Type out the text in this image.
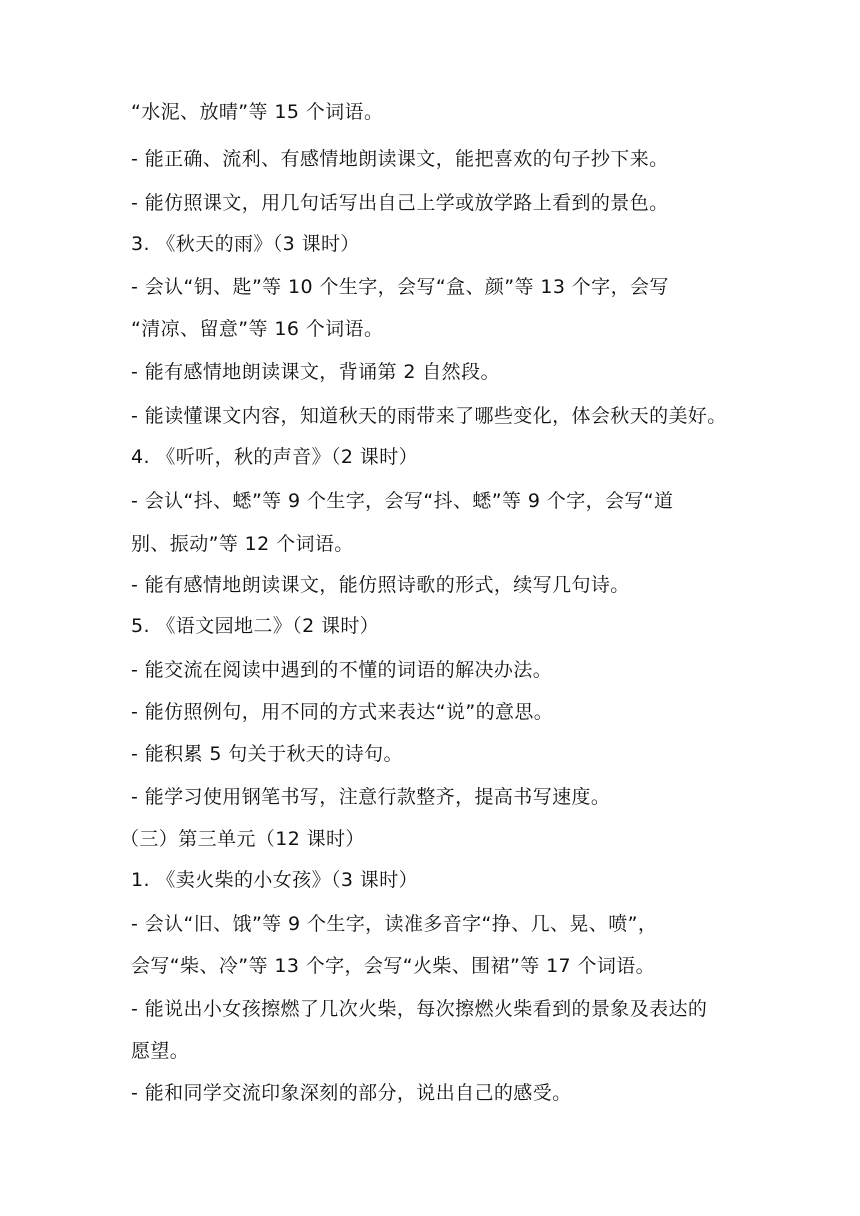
“水泥、放晴”等 15 个词语。
- 能正确、流利、有感情地朗读课文，能把喜欢的句子抄下来。
- 能仿照课文，用几句话写出自己上学或放学路上看到的景色。
3. 《秋天的雨》（3 课时）
- 会认“钥、匙”等 10 个生字，会写“盒、颜”等 13 个字，会写
“清凉、留意”等 16 个词语。
- 能有感情地朗读课文，背诵第 2 自然段。
- 能读懂课文内容，知道秋天的雨带来了哪些变化，体会秋天的美好。
4. 《听听，秋的声音》（2 课时）
- 会认“抖、蟋”等 9 个生字，会写“抖、蟋”等 9 个字，会写“道
别、振动”等 12 个词语。
- 能有感情地朗读课文，能仿照诗歌的形式，续写几句诗。
5. 《语文园地二》（2 课时）
- 能交流在阅读中遇到的不懂的词语的解决办法。
- 能仿照例句，用不同的方式来表达“说”的意思。
- 能积累 5 句关于秋天的诗句。
- 能学习使用钢笔书写，注意行款整齐，提高书写速度。
（三）第三单元（12 课时）
1. 《卖火柴的小女孩》（3 课时）
- 会认“旧、饿”等 9 个生字，读准多音字“挣、几、晃、喷”，
会写“柴、冷”等 13 个字，会写“火柴、围裙”等 17 个词语。
- 能说出小女孩擦燃了几次火柴，每次擦燃火柴看到的景象及表达的
愿望。
- 能和同学交流印象深刻的部分，说出自己的感受。
